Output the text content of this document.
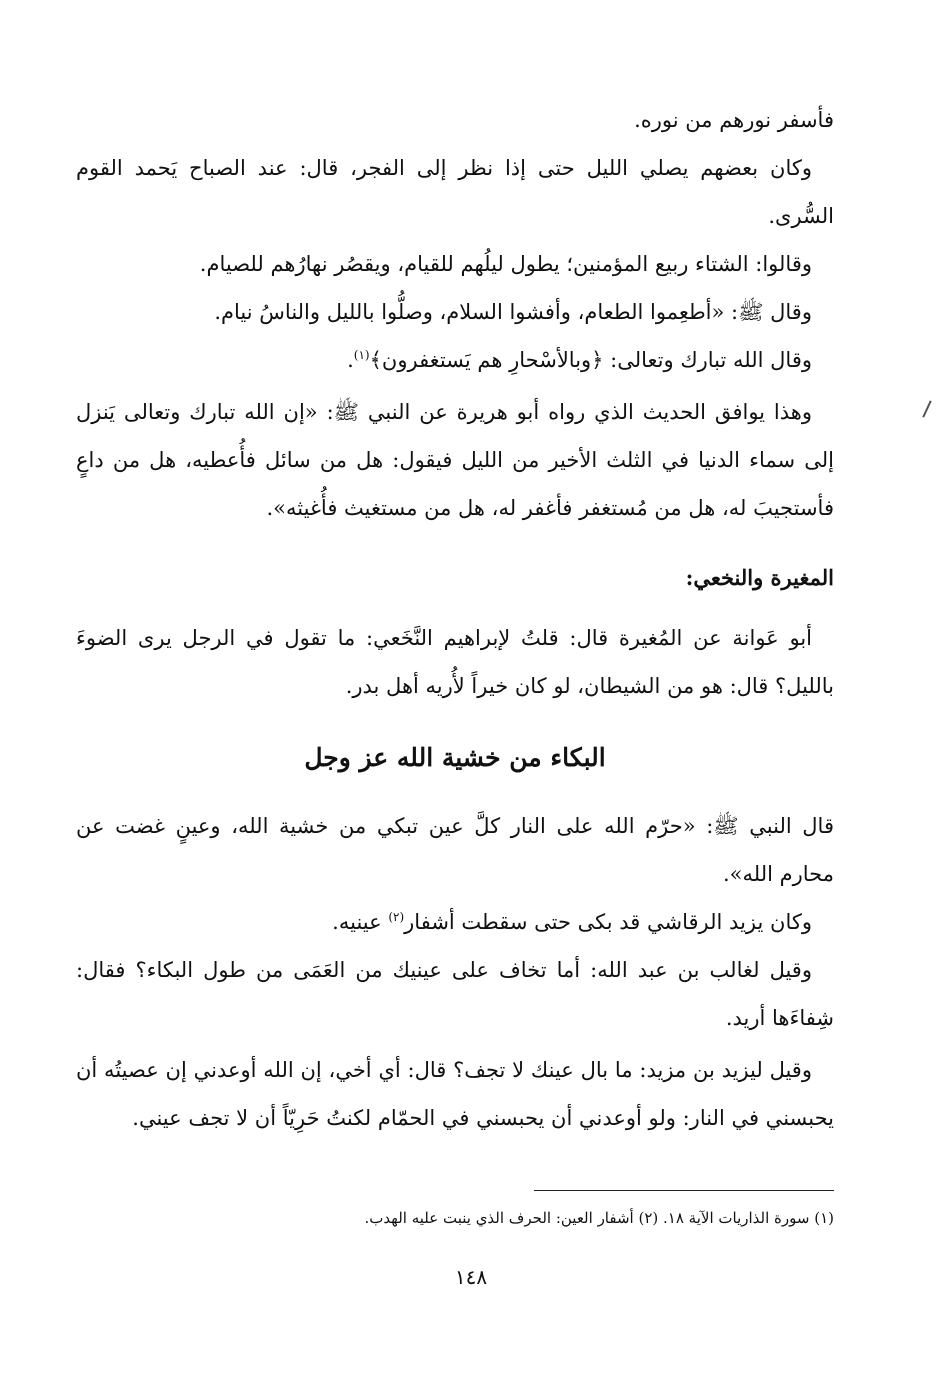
فأسفر نورهم من نوره.

وكان بعضهم يصلي الليل حتى إذا نظر إلى الفجر، قال: عند الصباح يَحمد القوم السُّرى.

وقالوا: الشتاء ربيع المؤمنين؛ يطول ليلُهم للقيام، ويقصُر نهارُهم للصيام.

وقال ﷺ: «أطعِموا الطعام، وأفشوا السلام، وصلُّوا بالليل والناسُ نيام.

وقال الله تبارك وتعالى: ﴿وبالأسْحارِ هم يَستغفرون﴾$^{(١)}$.

وهذا يوافق الحديث الذي رواه أبو هريرة عن النبي ﷺ: «إن الله تبارك وتعالى يَنزل إلى سماء الدنيا في الثلث الأخير من الليل فيقول: هل من سائل فأُعطيه، هل من داعٍ فأستجيبَ له، هل من مُستغفر فأغفر له، هل من مستغيث فأُغيثه».

المغيرة والنخعي:

أبو عَوانة عن المُغيرة قال: قلتُ لإبراهيم النَّخَعي: ما تقول في الرجل يرى الضوءَ بالليل؟ قال: هو من الشيطان، لو كان خيراً لأُريه أهل بدر.

البكاء من خشية الله عز وجل

قال النبي ﷺ: «حرّم الله على النار كلَّ عين تبكي من خشية الله، وعينٍ غضت عن محارم الله».

وكان يزيد الرقاشي قد بكى حتى سقطت أشفار$^{(٢)}$ عينيه.

وقيل لغالب بن عبد الله: أما تخاف على عينيك من العَمَى من طول البكاء؟ فقال: شِفاءَها أريد.

وقيل ليزيد بن مزيد: ما بال عينك لا تجف؟ قال: أي أخي، إن الله أوعدني إن عصيتُه أن يحبسني في النار: ولو أوعدني أن يحبسني في الحمّام لكنتُ حَرِيّاً أن لا تجف عيني.

(١) سورة الذاريات الآية ١٨. (٢) أشفار العين: الحرف الذي ينبت عليه الهدب.
١٤٨
